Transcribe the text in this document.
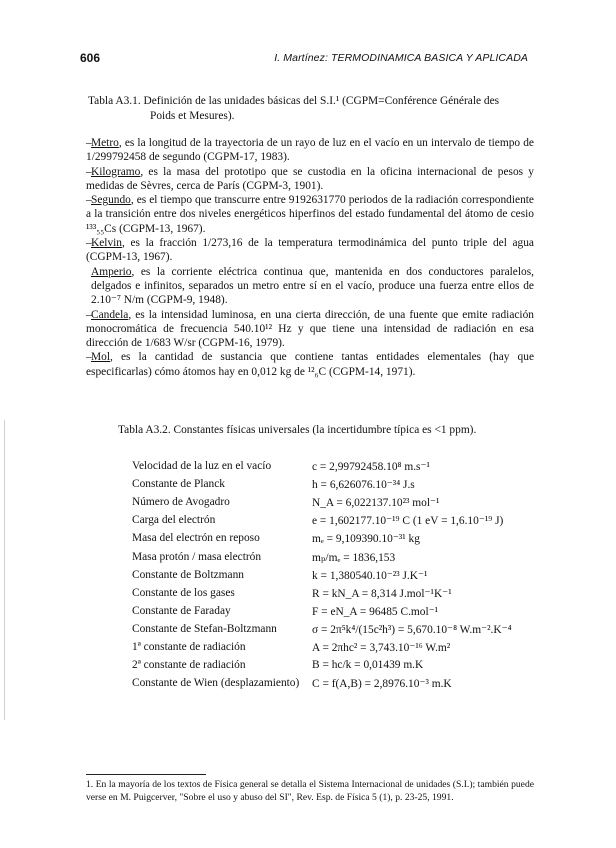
606	I. Martínez: TERMODINAMICA BASICA Y APLICADA
Tabla A3.1. Definición de las unidades básicas del S.I.¹ (CGPM=Conférence Générale des
Poids et Mesures).

–Metro, es la longitud de la trayectoria de un rayo de luz en el vacío en un intervalo de tiempo de 1/299792458 de segundo (CGPM-17, 1983).

–Kilogramo, es la masa del prototipo que se custodia en la oficina internacional de pesos y medidas de Sèvres, cerca de París (CGPM-3, 1901).

–Segundo, es el tiempo que transcurre entre 9192631770 periodos de la radiación correspondiente a la transición entre dos niveles energéticos hiperfinos del estado fundamental del átomo de cesio ¹³³₅₅Cs (CGPM-13, 1967).

–Kelvin, es la fracción 1/273,16 de la temperatura termodinámica del punto triple del agua (CGPM-13, 1967).

Amperio, es la corriente eléctrica continua que, mantenida en dos conductores paralelos, delgados e infinitos, separados un metro entre sí en el vacío, produce una fuerza entre ellos de 2.10⁻⁷ N/m (CGPM-9, 1948).

–Candela, es la intensidad luminosa, en una cierta dirección, de una fuente que emite radiación monocromática de frecuencia 540.10¹² Hz y que tiene una intensidad de radiación en esa dirección de 1/683 W/sr (CGPM-16, 1979).

–Mol, es la cantidad de sustancia que contiene tantas entidades elementales (hay que especificarlas) cómo átomos hay en 0,012 kg de ¹²₆C (CGPM-14, 1971).

Tabla A3.2. Constantes físicas universales (la incertidumbre típica es <1 ppm).
Velocidad de la luz en el vacío	c = 2,99792458.10⁸ m.s⁻¹
Constante de Planck	h = 6,626076.10⁻³⁴ J.s
Número de Avogadro	N_A = 6,022137.10²³ mol⁻¹
Carga del electrón	e = 1,602177.10⁻¹⁹ C (1 eV = 1,6.10⁻¹⁹ J)
Masa del electrón en reposo	mₑ = 9,109390.10⁻³¹ kg
Masa protón / masa electrón	mₚ/mₑ = 1836,153
Constante de Boltzmann	k = 1,380540.10⁻²³ J.K⁻¹
Constante de los gases	R = kN_A = 8,314 J.mol⁻¹K⁻¹
Constante de Faraday	F = eN_A = 96485 C.mol⁻¹
Constante de Stefan-Boltzmann	σ = 2π⁵k⁴/(15c²h³) = 5,670.10⁻⁸ W.m⁻².K⁻⁴
1ª constante de radiación	A = 2πhc² = 3,743.10⁻¹⁶ W.m²
2ª constante de radiación	B = hc/k = 0,01439 m.K
Constante de Wien (desplazamiento)	C = f(A,B) = 2,8976.10⁻³ m.K
1. En la mayoría de los textos de Física general se detalla el Sistema Internacional de unidades (S.I.); también puede verse en M. Puigcerver, "Sobre el uso y abuso del SI", Rev. Esp. de Física 5 (1), p. 23-25, 1991.
